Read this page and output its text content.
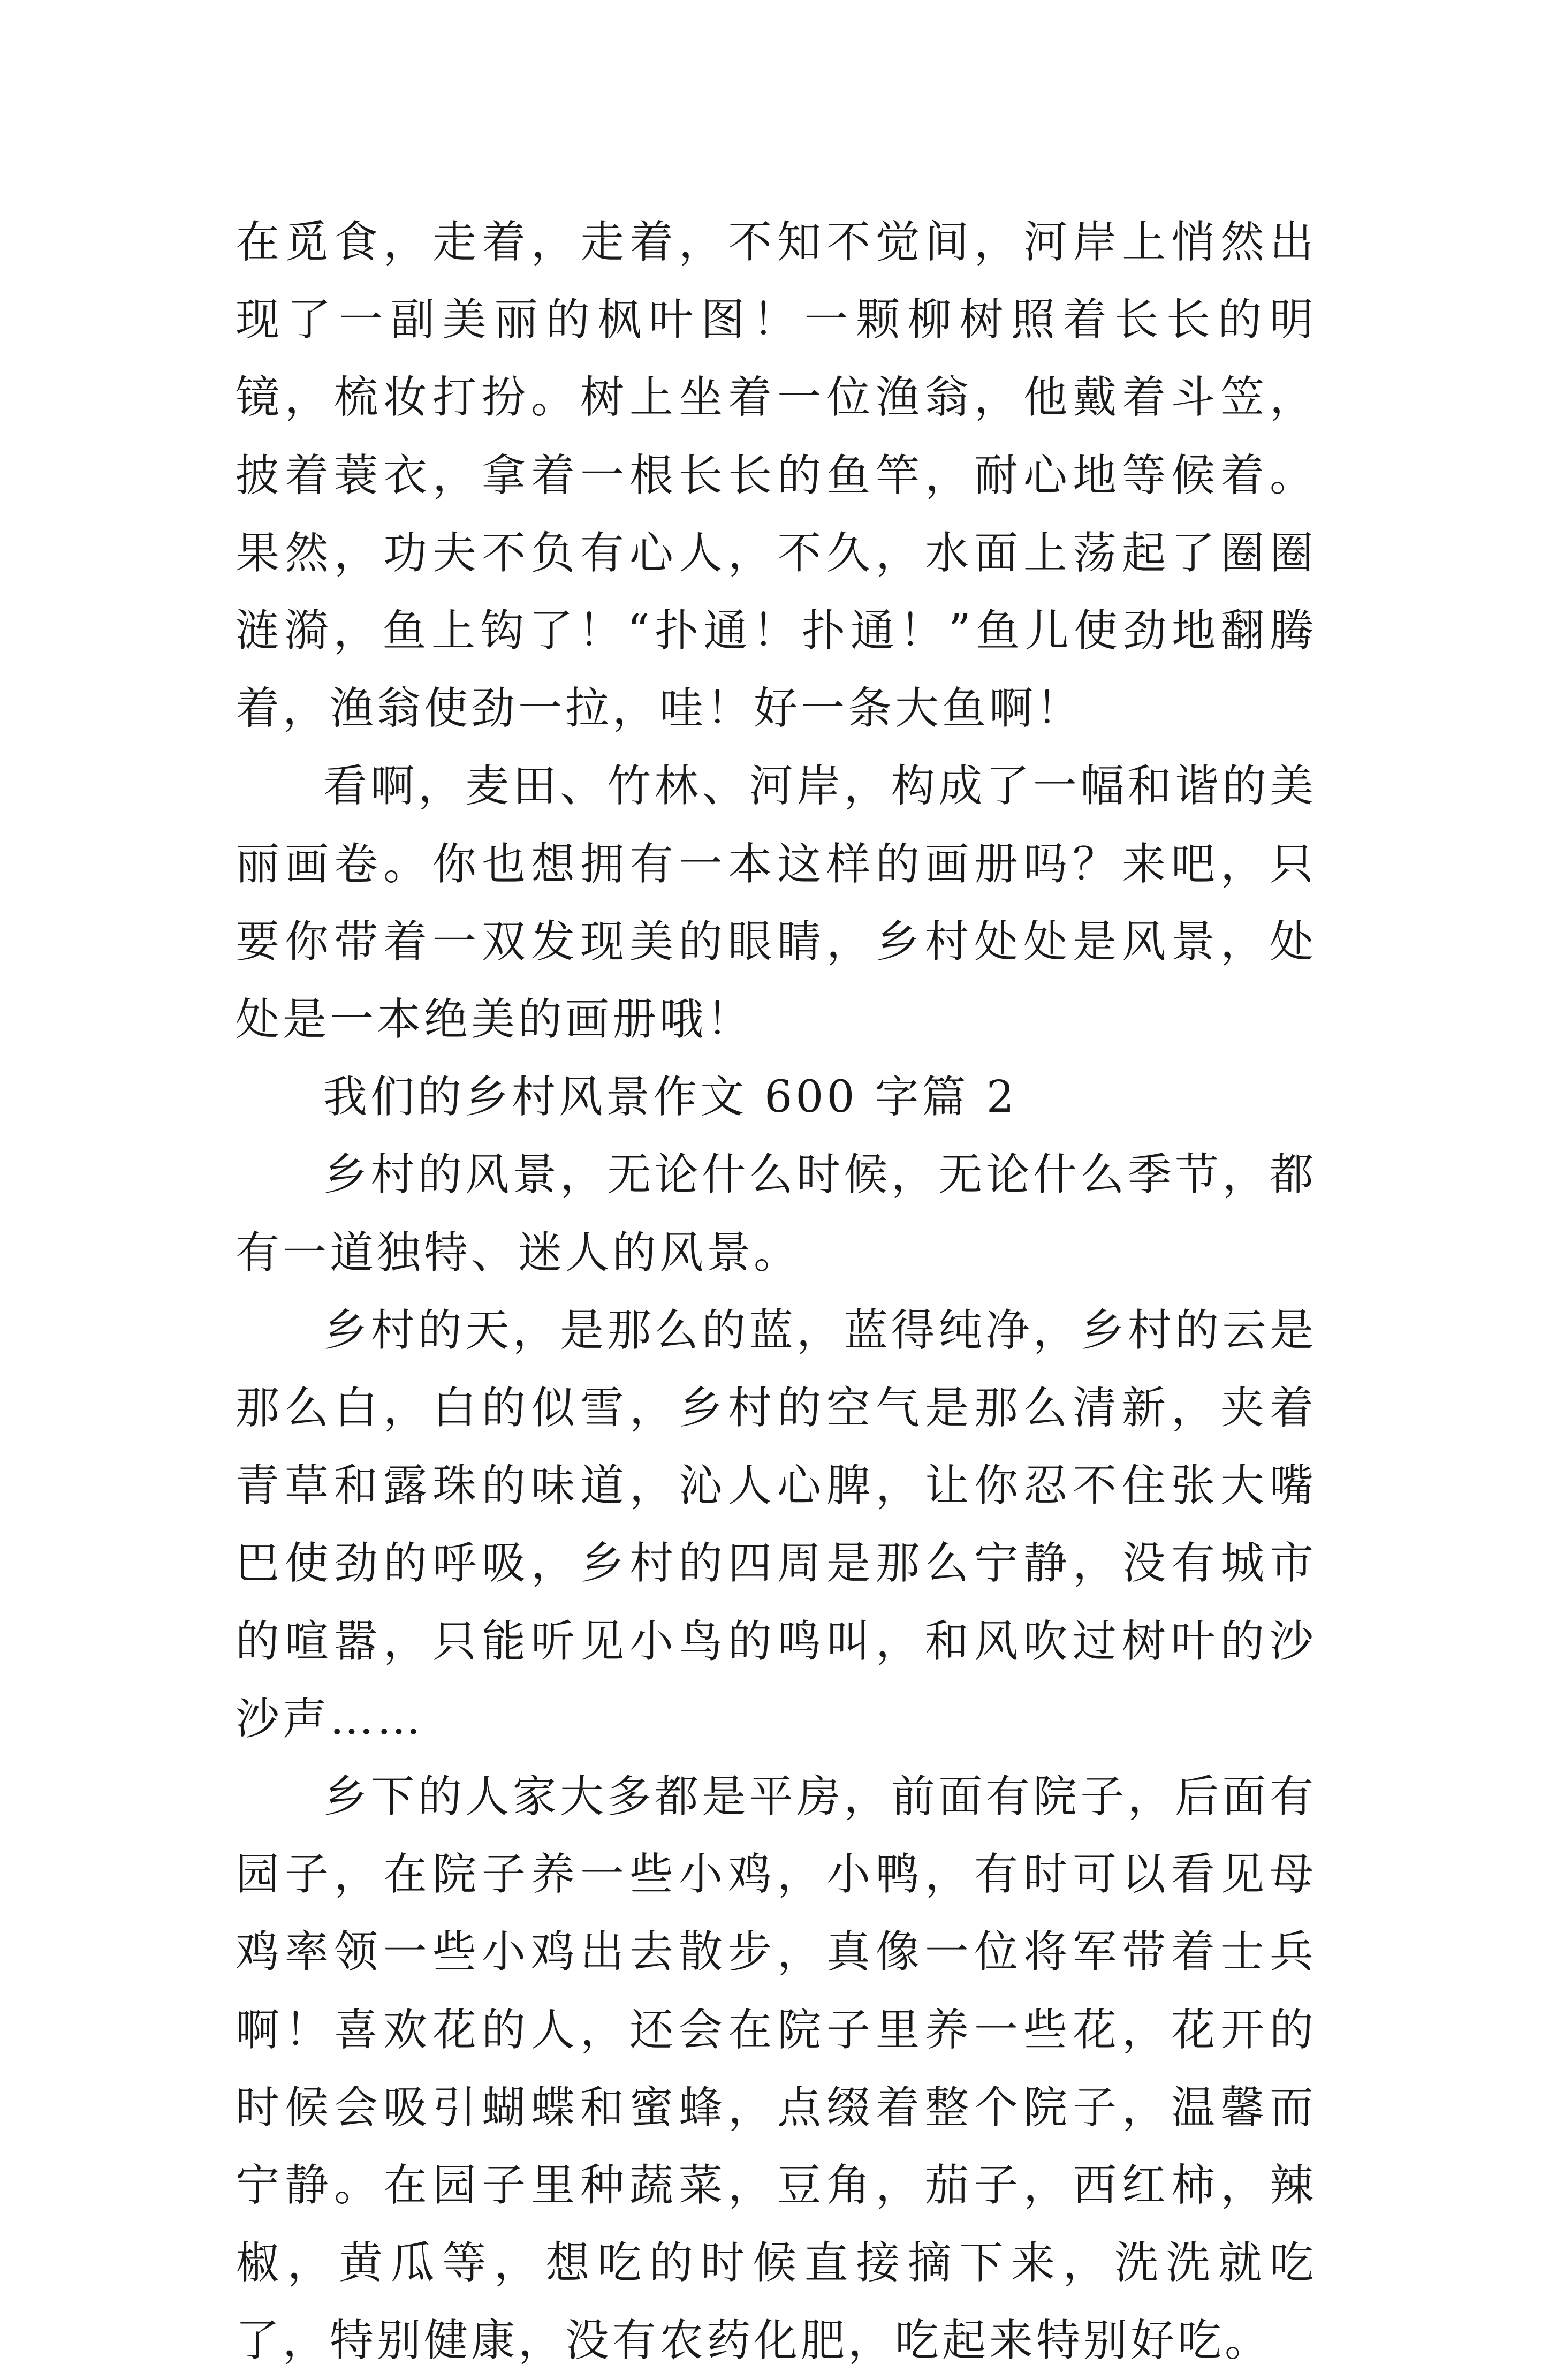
在觅食，走着，走着，不知不觉间，河岸上悄然出现了一副美丽的枫叶图！一颗柳树照着长长的明镜，梳妆打扮。树上坐着一位渔翁，他戴着斗笠，披着蓑衣，拿着一根长长的鱼竿，耐心地等候着。果然，功夫不负有心人，不久，水面上荡起了圈圈涟漪，鱼上钩了！“扑通！扑通！”鱼儿使劲地翻腾着，渔翁使劲一拉，哇！好一条大鱼啊！

看啊，麦田、竹林、河岸，构成了一幅和谐的美丽画卷。你也想拥有一本这样的画册吗？来吧，只要你带着一双发现美的眼睛，乡村处处是风景，处处是一本绝美的画册哦！

我们的乡村风景作文 600 字篇 2

乡村的风景，无论什么时候，无论什么季节，都有一道独特、迷人的风景。

乡村的天，是那么的蓝，蓝得纯净，乡村的云是那么白，白的似雪，乡村的空气是那么清新，夹着青草和露珠的味道，沁人心脾，让你忍不住张大嘴巴使劲的呼吸，乡村的四周是那么宁静，没有城市的喧嚣，只能听见小鸟的鸣叫，和风吹过树叶的沙沙声……

乡下的人家大多都是平房，前面有院子，后面有园子，在院子养一些小鸡，小鸭，有时可以看见母鸡率领一些小鸡出去散步，真像一位将军带着士兵啊！喜欢花的人，还会在院子里养一些花，花开的时候会吸引蝴蝶和蜜蜂，点缀着整个院子，温馨而宁静。在园子里种蔬菜，豆角，茄子，西红柿，辣椒，黄瓜等，想吃的时候直接摘下来，洗洗就吃了，特别健康，没有农药化肥，吃起来特别好吃。
